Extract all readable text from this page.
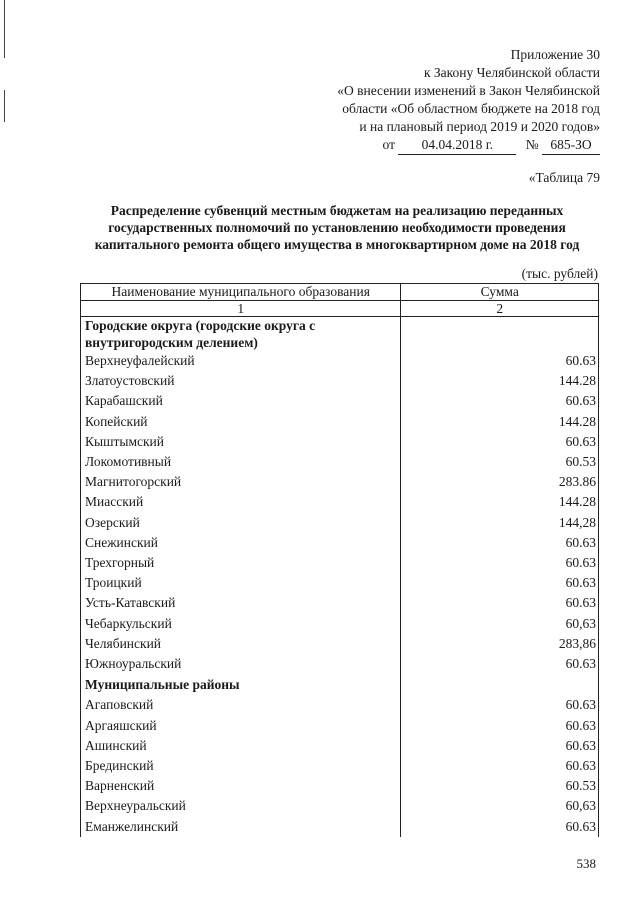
Приложение 30
к Закону Челябинской области
«О внесении изменений в Закон Челябинской
области «Об областном бюджете на 2018 год
и на плановый период 2019 и 2020 годов»
от 04.04.2018 г. № 685-ЗО
«Таблица 79
Распределение субвенций местным бюджетам на реализацию переданных государственных полномочий по установлению необходимости проведения капитального ремонта общего имущества в многоквартирном доме на 2018 год
(тыс. рублей)
Наименование муниципального образования	Сумма
1	2
Городские округа (городские округа с внутригородским делением)	
Верхнеуфалейский	60.63
Златоустовский	144.28
Карабашский	60.63
Копейский	144.28
Кыштымский	60.63
Локомотивный	60.53
Магнитогорский	283.86
Миасский	144.28
Озерский	144,28
Снежинский	60.63
Трехгорный	60.63
Троицкий	60.63
Усть-Катавский	60.63
Чебаркульский	60,63
Челябинский	283,86
Южноуральский	60.63
Муниципальные районы	
Агаповский	60.63
Аргаяшский	60.63
Ашинский	60.63
Брединский	60.63
Варненский	60.53
Верхнеуральский	60,63
Еманжелинский	60.63
538
